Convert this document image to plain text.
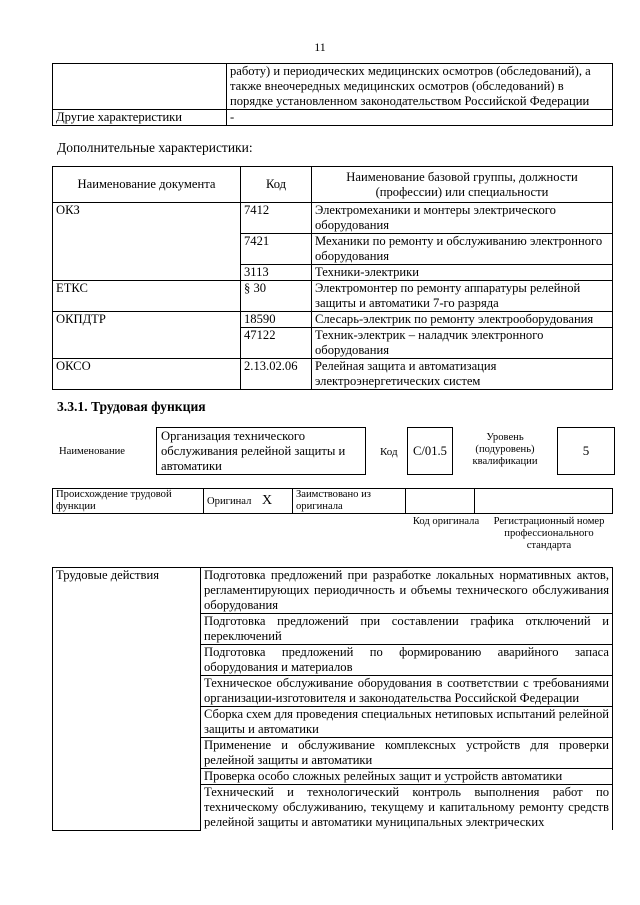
11
	работу) и периодических медицинских осмотров (обследований), а также внеочередных медицинских осмотров (обследований) в порядке установленном законодательством Российской Федерации
Другие характеристики	-
Дополнительные характеристики:
Наименование документа	Код	Наименование базовой группы, должности (профессии) или специальности
ОКЗ	7412	Электромеханики и монтеры электрического оборудования
	7421	Механики по ремонту и обслуживанию электронного оборудования
	3113	Техники-электрики
ЕТКС	§ 30	Электромонтер по ремонту аппаратуры релейной защиты и автоматики 7-го разряда
ОКПДТР	18590	Слесарь-электрик по ремонту электрооборудования
	47122	Техник-электрик – наладчик электронного оборудования
ОКСО	2.13.02.06	Релейная защита и автоматизация электроэнергетических систем
3.3.1. Трудовая функция
Наименование
Организация технического обслуживания релейной защиты и автоматики
Код	С/01.5
Уровень (подуровень) квалификации
5
Происхождение трудовой функции	Оригинал X	Заимствовано из оригинала		
Код оригинала	Регистрационный номер профессионального стандарта
Трудовые действия	Подготовка предложений при разработке локальных нормативных актов, регламентирующих периодичность и объемы технического обслуживания оборудования
Подготовка предложений при составлении графика отключений и переключений
Подготовка предложений по формированию аварийного запаса оборудования и материалов
Техническое обслуживание оборудования в соответствии с требованиями организации-изготовителя и законодательства Российской Федерации
Сборка схем для проведения специальных нетиповых испытаний релейной защиты и автоматики
Применение и обслуживание комплексных устройств для проверки релейной защиты и автоматики
Проверка особо сложных релейных защит и устройств автоматики
Технический и технологический контроль выполнения работ по техническому обслуживанию, текущему и капитальному ремонту средств релейной защиты и автоматики муниципальных электрических
